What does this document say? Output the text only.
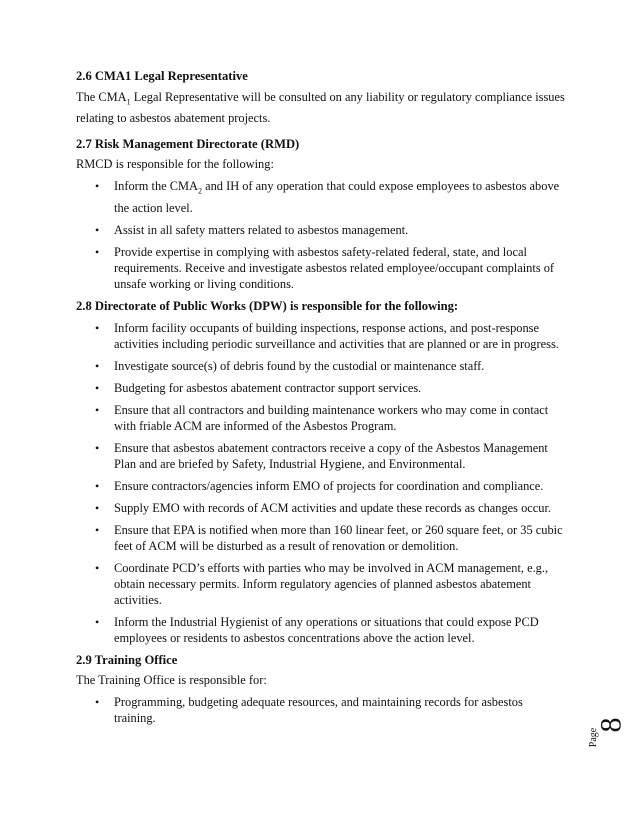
2.6 CMA1 Legal Representative

The $CMA_1$ Legal Representative will be consulted on any liability or regulatory compliance issues relating to asbestos abatement projects.

2.7 Risk Management Directorate (RMD)

RMCD is responsible for the following:

• Inform the $CMA_2$ and IH of any operation that could expose employees to asbestos above the action level.
• Assist in all safety matters related to asbestos management.
• Provide expertise in complying with asbestos safety-related federal, state, and local requirements. Receive and investigate asbestos related employee/occupant complaints of unsafe working or living conditions.
2.8 Directorate of Public Works (DPW) is responsible for the following:
• Inform facility occupants of building inspections, response actions, and post-response activities including periodic surveillance and activities that are planned or are in progress.
• Investigate source(s) of debris found by the custodial or maintenance staff.
• Budgeting for asbestos abatement contractor support services.
• Ensure that all contractors and building maintenance workers who may come in contact with friable ACM are informed of the Asbestos Program.
• Ensure that asbestos abatement contractors receive a copy of the Asbestos Management Plan and are briefed by Safety, Industrial Hygiene, and Environmental.
• Ensure contractors/agencies inform EMO of projects for coordination and compliance.
• Supply EMO with records of ACM activities and update these records as changes occur.
• Ensure that EPA is notified when more than 160 linear feet, or 260 square feet, or 35 cubic feet of ACM will be disturbed as a result of renovation or demolition.
• Coordinate PCD’s efforts with parties who may be involved in ACM management, e.g., obtain necessary permits. Inform regulatory agencies of planned asbestos abatement activities.
• Inform the Industrial Hygienist of any operations or situations that could expose PCD employees or residents to asbestos concentrations above the action level.
2.9 Training Office

The Training Office is responsible for:

• Programming, budgeting adequate resources, and maintaining records for asbestos training.
Page
8
